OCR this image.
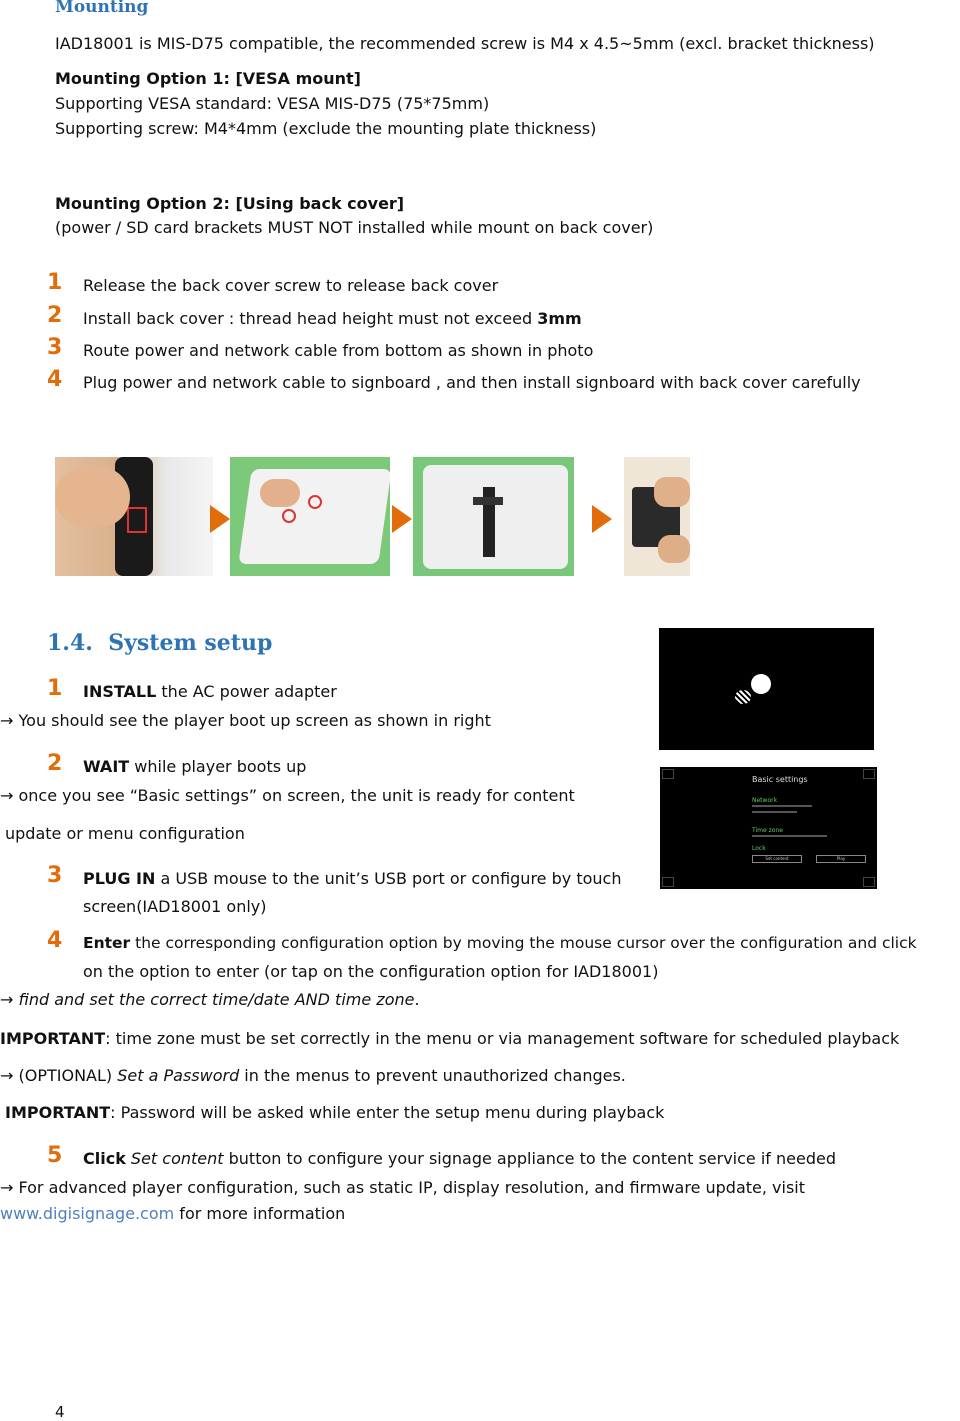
Mounting
IAD18001 is MIS-D75 compatible, the recommended screw is M4 x 4.5~5mm (excl. bracket thickness)
Mounting Option 1: [VESA mount]
Supporting VESA standard: VESA MIS-D75 (75*75mm)
Supporting screw: M4*4mm (exclude the mounting plate thickness)
Mounting Option 2: [Using back cover]
(power / SD card brackets MUST NOT installed while mount on back cover)
1 Release the back cover screw to release back cover
2 Install back cover : thread head height must not exceed 3mm
3 Route power and network cable from bottom as shown in photo
4 Plug power and network cable to signboard , and then install signboard with back cover carefully
1.4.  System setup
1 INSTALL the AC power adapter
→ You should see the player boot up screen as shown in right
2 WAIT while player boots up
→ once you see “Basic settings” on screen, the unit is ready for content
update or menu configuration
3 PLUG IN a USB mouse to the unit’s USB port or configure by touch
screen(IAD18001 only)
4 Enter the corresponding configuration option by moving the mouse cursor over the configuration and click
on the option to enter (or tap on the configuration option for IAD18001)
→ find and set the correct time/date AND time zone.
IMPORTANT: time zone must be set correctly in the menu or via management software for scheduled playback
→ (OPTIONAL) Set a Password in the menus to prevent unauthorized changes.
IMPORTANT: Password will be asked while enter the setup menu during playback
5 Click Set content button to configure your signage appliance to the content service if needed
→ For advanced player configuration, such as static IP, display resolution, and firmware update, visit
www.digisignage.com for more information
Basic settings
Network
Time zone
Lock
Set content	Play
4
